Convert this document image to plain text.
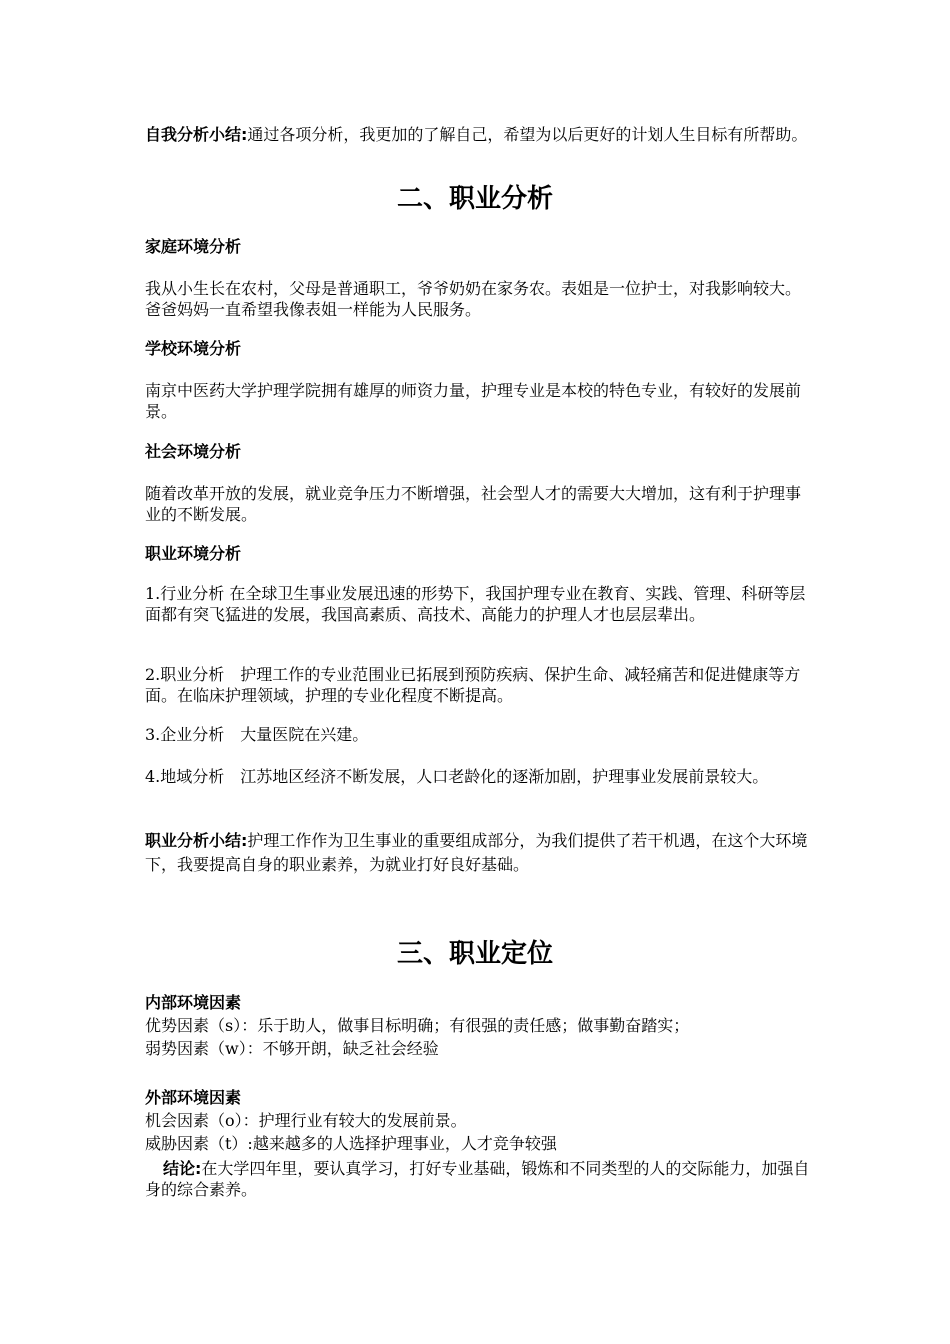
自我分析小结:通过各项分析，我更加的了解自己，希望为以后更好的计划人生目标有所帮助。

二、职业分析
家庭环境分析

我从小生长在农村，父母是普通职工，爷爷奶奶在家务农。表姐是一位护士，对我影响较大。爸爸妈妈一直希望我像表姐一样能为人民服务。

学校环境分析

南京中医药大学护理学院拥有雄厚的师资力量，护理专业是本校的特色专业，有较好的发展前景。

社会环境分析

随着改革开放的发展，就业竞争压力不断增强，社会型人才的需要大大增加，这有利于护理事业的不断发展。

职业环境分析

1.行业分析 在全球卫生事业发展迅速的形势下，我国护理专业在教育、实践、管理、科研等层面都有突飞猛进的发展，我国高素质、高技术、高能力的护理人才也层层辈出。

2.职业分析　护理工作的专业范围业已拓展到预防疾病、保护生命、减轻痛苦和促进健康等方面。在临床护理领域，护理的专业化程度不断提高。

3.企业分析　大量医院在兴建。

4.地域分析　江苏地区经济不断发展，人口老龄化的逐渐加剧，护理事业发展前景较大。

职业分析小结:护理工作作为卫生事业的重要组成部分，为我们提供了若干机遇，在这个大环境下，我要提高自身的职业素养，为就业打好良好基础。

三、职业定位
内部环境因素
优势因素（s）：乐于助人，做事目标明确；有很强的责任感；做事勤奋踏实；
弱势因素（w）：不够开朗，缺乏社会经验
外部环境因素
机会因素（o）：护理行业有较大的发展前景。
威胁因素（t）:越来越多的人选择护理事业，人才竞争较强

结论:在大学四年里，要认真学习，打好专业基础，锻炼和不同类型的人的交际能力，加强自身的综合素养。
